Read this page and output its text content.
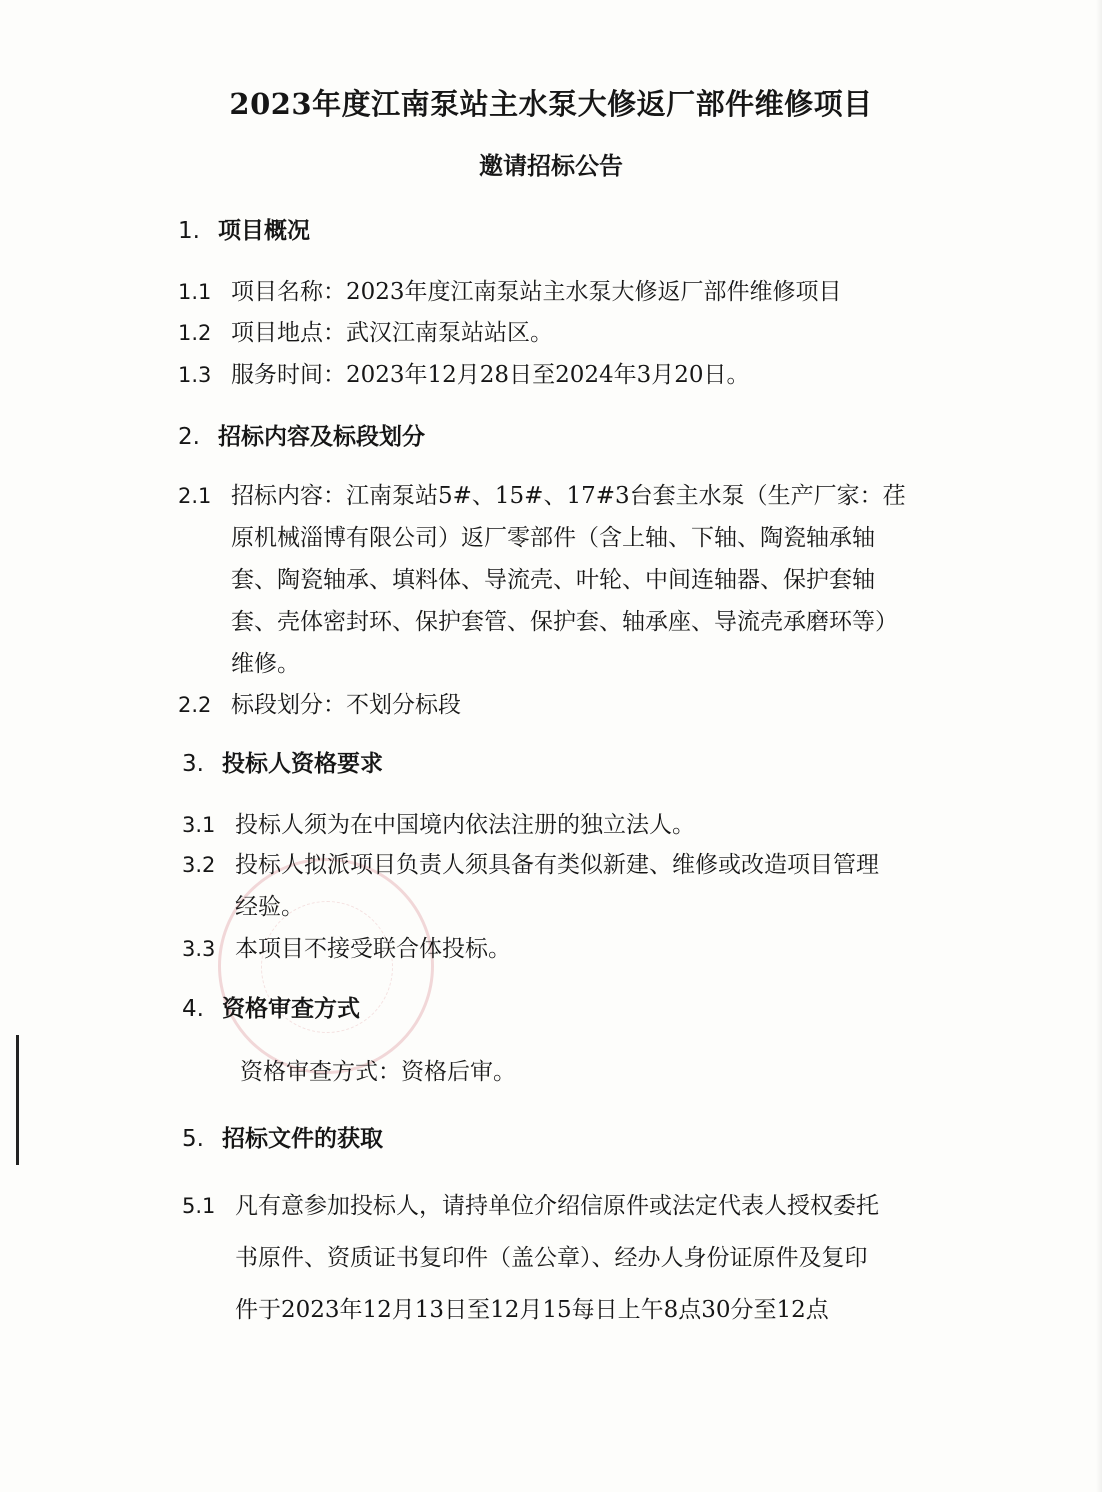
2023年度江南泵站主水泵大修返厂部件维修项目
邀请招标公告
1. 项目概况
1.1 项目名称：2023年度江南泵站主水泵大修返厂部件维修项目
1.2 项目地点：武汉江南泵站站区。
1.3 服务时间：2023年12月28日至2024年3月20日。
2. 招标内容及标段划分
2.1 招标内容：江南泵站5#、15#、17#3台套主水泵（生产厂家：荏
原机械淄博有限公司）返厂零部件（含上轴、下轴、陶瓷轴承轴
套、陶瓷轴承、填料体、导流壳、叶轮、中间连轴器、保护套轴
套、壳体密封环、保护套管、保护套、轴承座、导流壳承磨环等）
维修。
2.2 标段划分：不划分标段
3. 投标人资格要求
3.1 投标人须为在中国境内依法注册的独立法人。
3.2 投标人拟派项目负责人须具备有类似新建、维修或改造项目管理
经验。
3.3 本项目不接受联合体投标。
4. 资格审查方式
资格审查方式：资格后审。
5. 招标文件的获取
5.1 凡有意参加投标人，请持单位介绍信原件或法定代表人授权委托
书原件、资质证书复印件（盖公章）、经办人身份证原件及复印
件于2023年12月13日至12月15每日上午8点30分至12点
